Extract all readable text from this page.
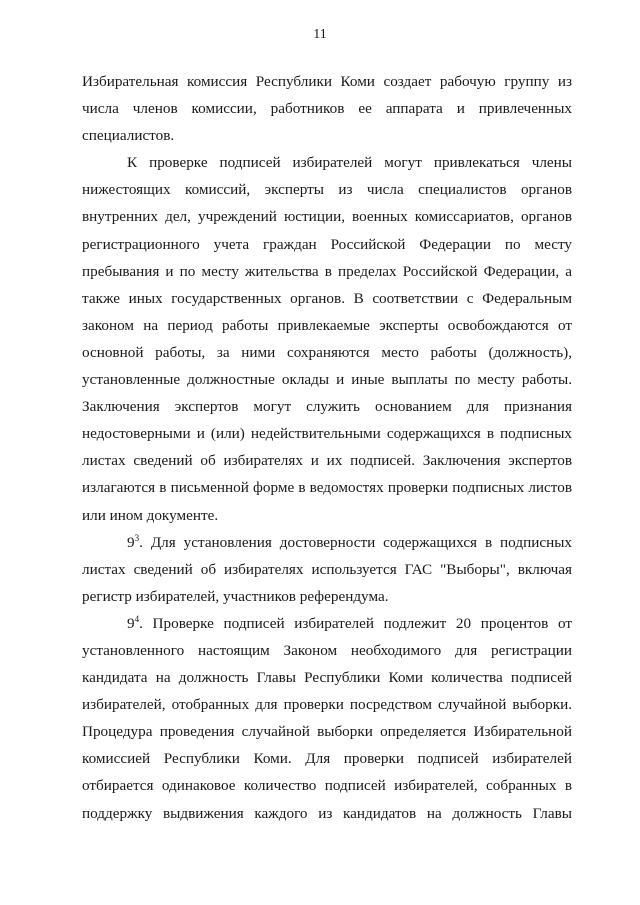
11
Избирательная комиссия Республики Коми создает рабочую группу из
числа членов комиссии, работников ее аппарата и привлеченных
специалистов.
К проверке подписей избирателей могут привлекаться члены
нижестоящих комиссий, эксперты из числа специалистов органов
внутренних дел, учреждений юстиции, военных комиссариатов, органов
регистрационного учета граждан Российской Федерации по месту
пребывания и по месту жительства в пределах Российской Федерации, а
также иных государственных органов. В соответствии с Федеральным
законом на период работы привлекаемые эксперты освобождаются от
основной работы, за ними сохраняются место работы (должность),
установленные должностные оклады и иные выплаты по месту работы.
Заключения экспертов могут служить основанием для признания
недостоверными и (или) недействительными содержащихся в подписных
листах сведений об избирателях и их подписей. Заключения экспертов
излагаются в письменной форме в ведомостях проверки подписных листов
или ином документе.
$9^3$. Для установления достоверности содержащихся в подписных
листах сведений об избирателях используется ГАС "Выборы", включая
регистр избирателей, участников референдума.
$9^4$. Проверке подписей избирателей подлежит 20 процентов от
установленного настоящим Законом необходимого для регистрации
кандидата на должность Главы Республики Коми количества подписей
избирателей, отобранных для проверки посредством случайной выборки.
Процедура проведения случайной выборки определяется Избирательной
комиссией Республики Коми. Для проверки подписей избирателей
отбирается одинаковое количество подписей избирателей, собранных в
поддержку выдвижения каждого из кандидатов на должность Главы
